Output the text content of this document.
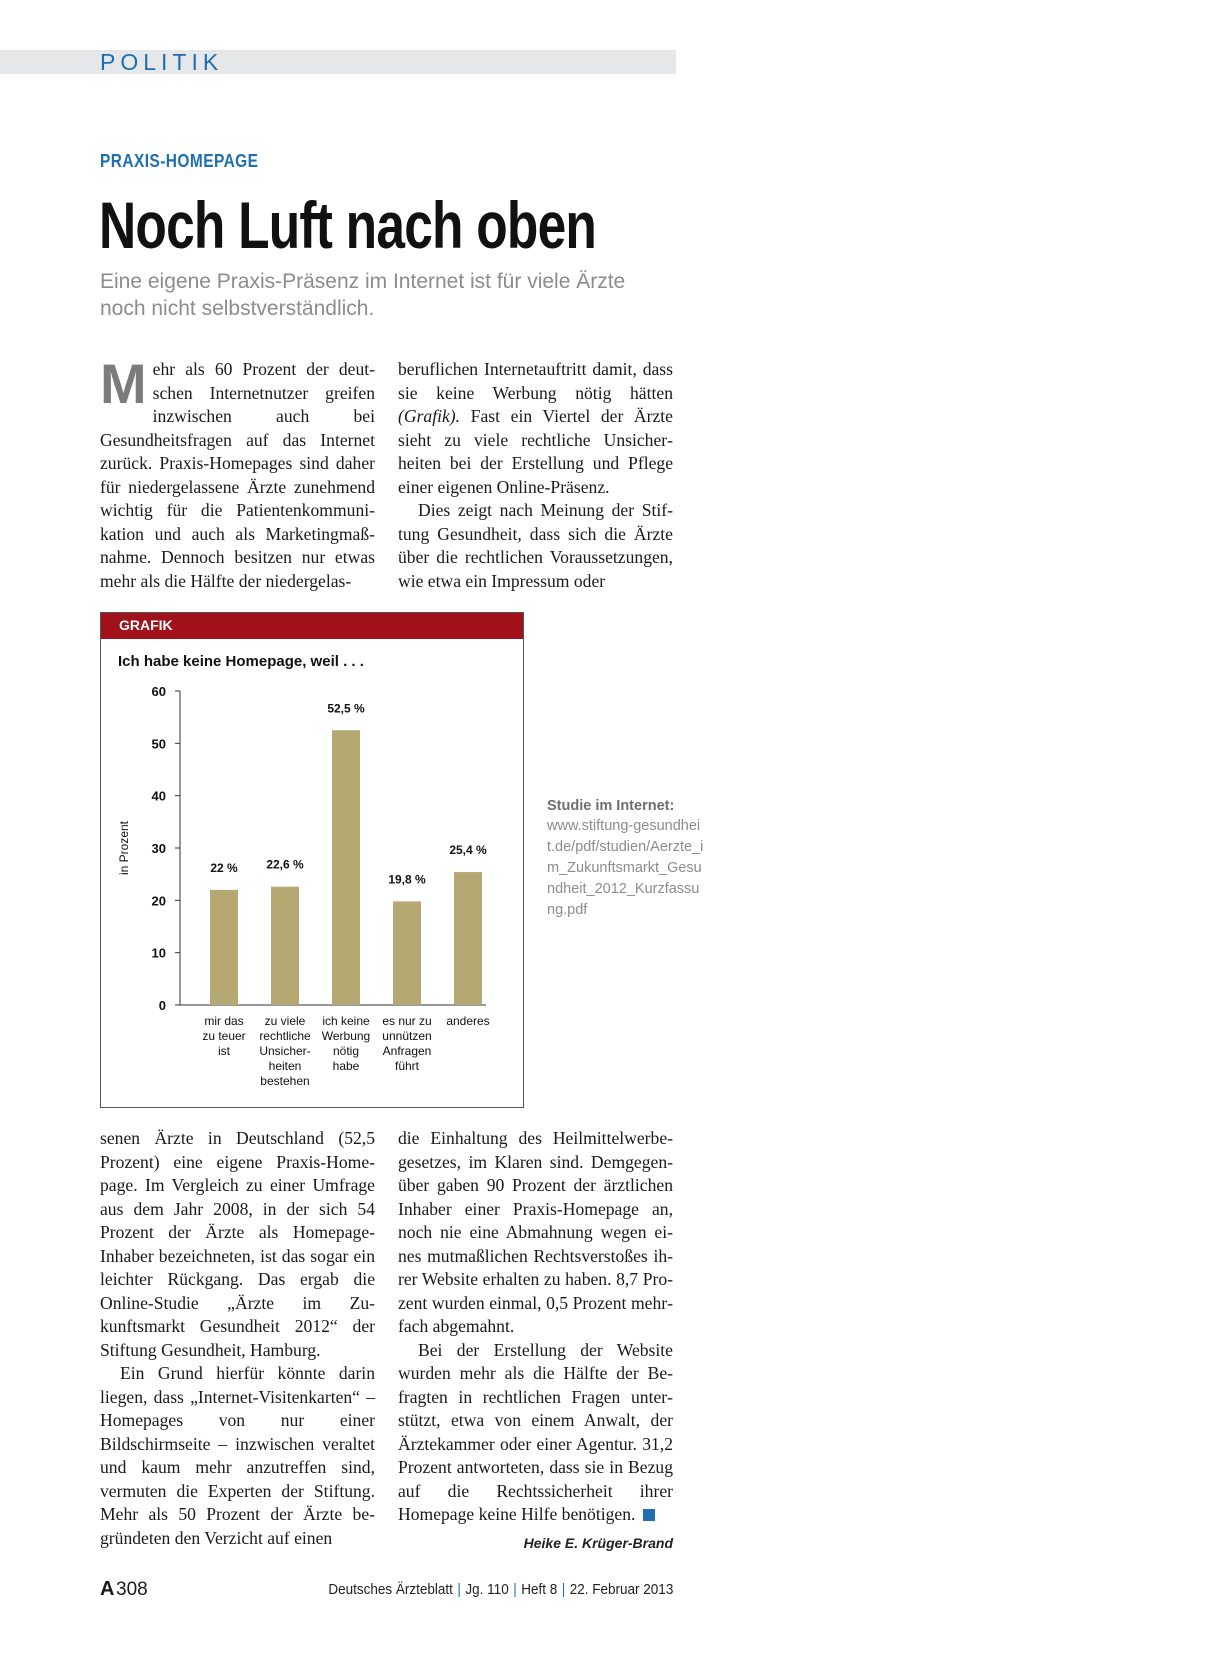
POLITIK
PRAXIS-HOMEPAGE
Noch Luft nach oben

Eine eigene Praxis-Präsenz im Internet ist für viele Ärzte noch nicht selbstverständlich.

Mehr als 60 Prozent der deutschen Internetnutzer greifen inzwischen auch bei Gesundheitsfragen auf das Internet zurück. Praxis-Homepages sind daher für niedergelassene Ärzte zunehmend wichtig für die Patientenkommunikation und auch als Marketingmaßnahme. Dennoch besitzen nur etwas mehr als die Hälfte der niedergelas-

beruflichen Internetauftritt damit, dass sie keine Werbung nötig hätten (Grafik). Fast ein Viertel der Ärzte sieht zu viele rechtliche Unsicherheiten bei der Erstellung und Pflege einer eigenen Online-Präsenz.

Dies zeigt nach Meinung der Stiftung Gesundheit, dass sich die Ärzte über die rechtlichen Voraussetzungen, wie etwa ein Impressum oder

GRAFIK
Ich habe keine Homepage, weil . . .
0
10
20
30
40
50
60
in Prozent	22 %
mir das zu teuer ist
22,6 %
zu viele rechtliche Unsicher-heiten bestehen
52,5 %
ich keine Werbung nötig habe
19,8 %
es nur zu unnützen Anfragen führt
25,4 %
anderes
Studie im Internet:
www.stiftung-gesundheit.de/pdf/studien/Aerzte_im_Zukunftsmarkt_Gesundheit_2012_Kurzfassung.pdf

senen Ärzte in Deutschland (52,5 Prozent) eine eigene Praxis-Homepage. Im Vergleich zu einer Umfrage aus dem Jahr 2008, in der sich 54 Prozent der Ärzte als Homepage-Inhaber bezeichneten, ist das sogar ein leichter Rückgang. Das ergab die Online-Studie „Ärzte im Zukunftsmarkt Gesundheit 2012“ der Stiftung Gesundheit, Hamburg.

Ein Grund hierfür könnte darin liegen, dass „Internet-Visitenkarten“ – Homepages von nur einer Bildschirmseite – inzwischen veraltet und kaum mehr anzutreffen sind, vermuten die Experten der Stiftung. Mehr als 50 Prozent der Ärzte begründeten den Verzicht auf einen

die Einhaltung des Heilmittelwerbegesetzes, im Klaren sind. Demgegenüber gaben 90 Prozent der ärztlichen Inhaber einer Praxis-Homepage an, noch nie eine Abmahnung wegen eines mutmaßlichen Rechtsverstoßes ihrer Website erhalten zu haben. 8,7 Prozent wurden einmal, 0,5 Prozent mehrfach abgemahnt.

Bei der Erstellung der Website wurden mehr als die Hälfte der Befragten in rechtlichen Fragen unterstützt, etwa von einem Anwalt, der Ärztekammer oder einer Agentur. 31,2 Prozent antworteten, dass sie in Bezug auf die Rechtssicherheit ihrer Homepage keine Hilfe benötigen.

Heike E. Krüger-Brand
A 308	Deutsches Ärzteblatt | Jg. 110 | Heft 8 | 22. Februar 2013
